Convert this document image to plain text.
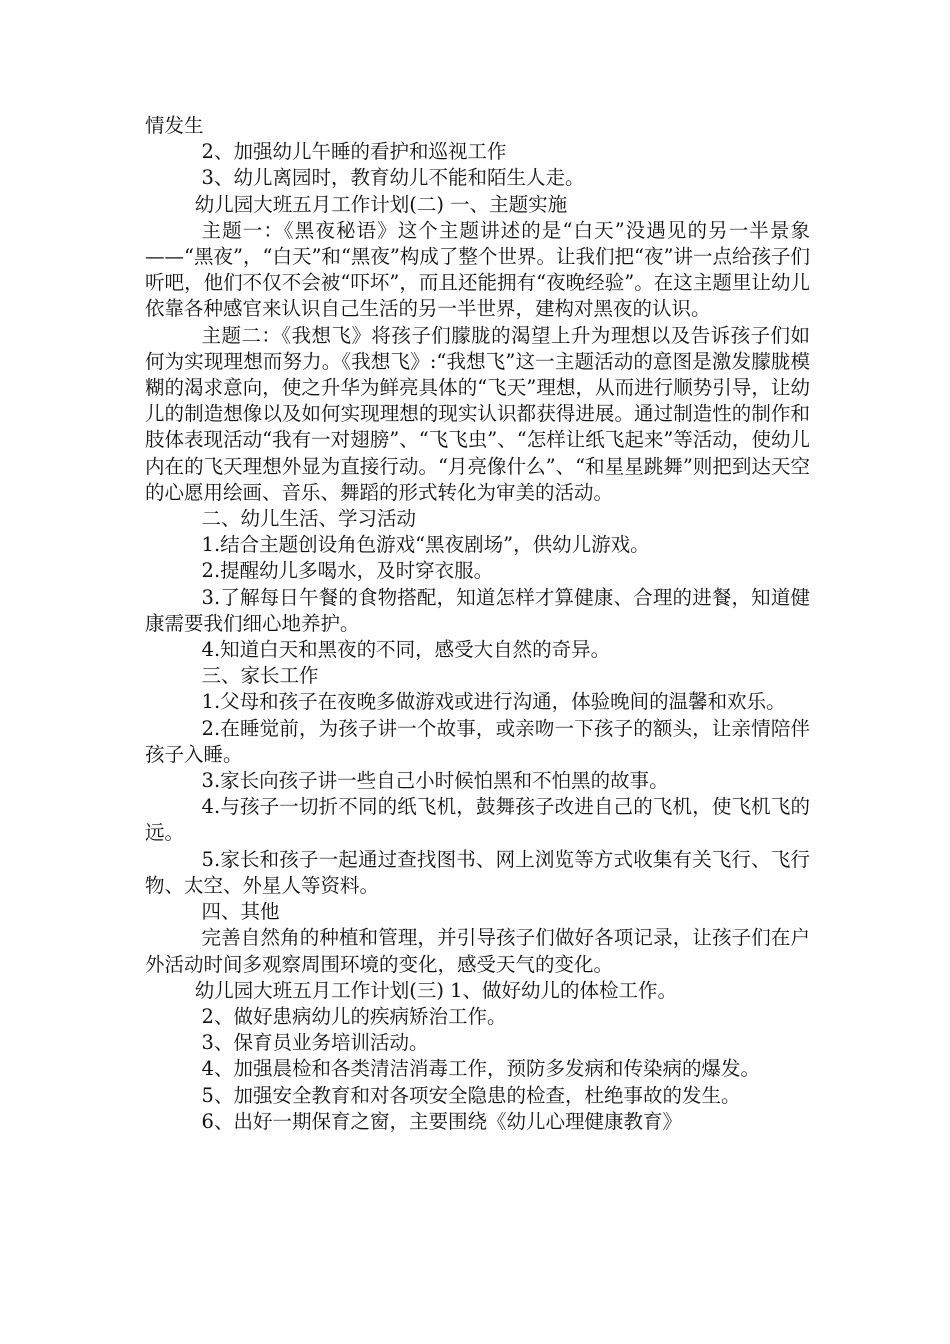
情发生

2、加强幼儿午睡的看护和巡视工作

3、幼儿离园时，教育幼儿不能和陌生人走。

幼儿园大班五月工作计划(二) 一、主题实施

主题一：《黑夜秘语》这个主题讲述的是“白天”没遇见的另一半景象——“黑夜”，“白天”和“黑夜”构成了整个世界。让我们把“夜”讲一点给孩子们听吧，他们不仅不会被“吓坏”，而且还能拥有“夜晚经验”。在这主题里让幼儿依靠各种感官来认识自己生活的另一半世界，建构对黑夜的认识。

主题二：《我想飞》将孩子们朦胧的渴望上升为理想以及告诉孩子们如何为实现理想而努力。《我想飞》:“我想飞”这一主题活动的意图是激发朦胧模糊的渴求意向，使之升华为鲜亮具体的“飞天”理想，从而进行顺势引导，让幼儿的制造想像以及如何实现理想的现实认识都获得进展。通过制造性的制作和肢体表现活动“我有一对翅膀”、“飞飞虫”、“怎样让纸飞起来”等活动，使幼儿内在的飞天理想外显为直接行动。“月亮像什么”、“和星星跳舞”则把到达天空的心愿用绘画、音乐、舞蹈的形式转化为审美的活动。

二、幼儿生活、学习活动

1.结合主题创设角色游戏“黑夜剧场”，供幼儿游戏。

2.提醒幼儿多喝水，及时穿衣服。

3.了解每日午餐的食物搭配，知道怎样才算健康、合理的进餐，知道健康需要我们细心地养护。

4.知道白天和黑夜的不同，感受大自然的奇异。

三、家长工作

1.父母和孩子在夜晚多做游戏或进行沟通，体验晚间的温馨和欢乐。

2.在睡觉前，为孩子讲一个故事，或亲吻一下孩子的额头，让亲情陪伴孩子入睡。

3.家长向孩子讲一些自己小时候怕黑和不怕黑的故事。

4.与孩子一切折不同的纸飞机，鼓舞孩子改进自己的飞机，使飞机飞的远。

5.家长和孩子一起通过查找图书、网上浏览等方式收集有关飞行、飞行物、太空、外星人等资料。

四、其他

完善自然角的种植和管理，并引导孩子们做好各项记录，让孩子们在户外活动时间多观察周围环境的变化，感受天气的变化。

幼儿园大班五月工作计划(三) 1、做好幼儿的体检工作。

2、做好患病幼儿的疾病矫治工作。

3、保育员业务培训活动。

4、加强晨检和各类清洁消毒工作，预防多发病和传染病的爆发。

5、加强安全教育和对各项安全隐患的检查，杜绝事故的发生。

6、出好一期保育之窗，主要围绕《幼儿心理健康教育》
